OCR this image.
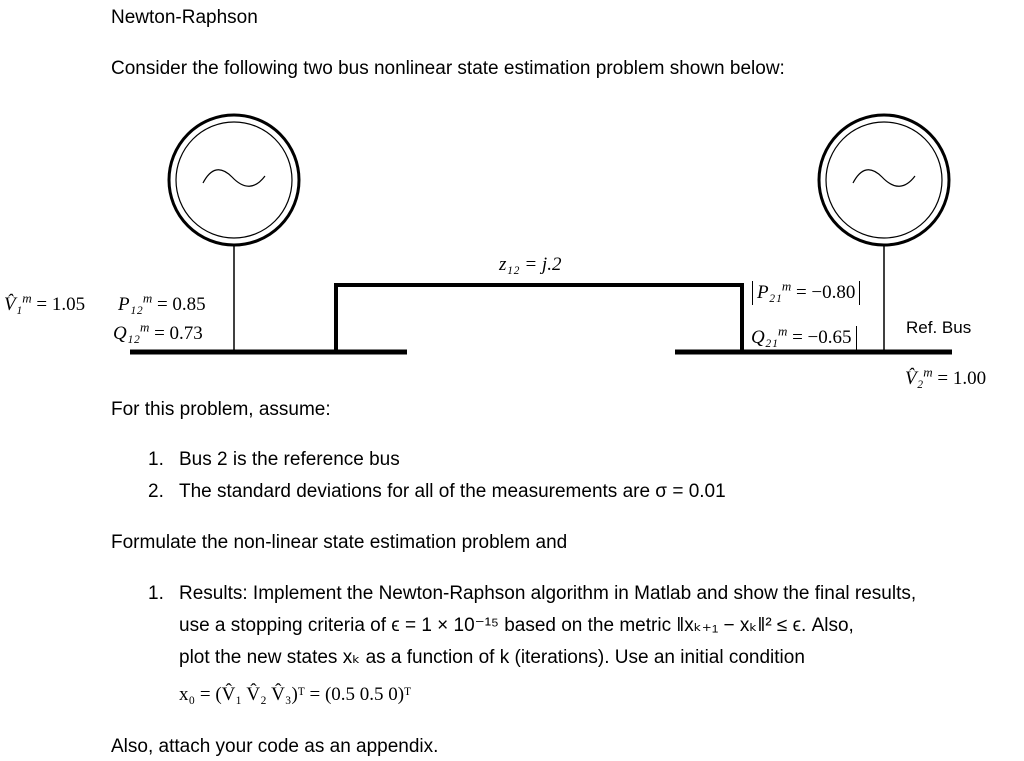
Newton-Raphson
Consider the following two bus nonlinear state estimation problem shown below:
z₁₂ = j.2
V̂₁$^m$ = 1.05 P₁₂$^m$ = 0.85
Q₁₂$^m$ = 0.73
P₂₁$^m$ = −0.80
Q₂₁$^m$ = −0.65	Ref. Bus
V̂₂$^m$ = 1.00
For this problem, assume:
1. Bus 2 is the reference bus
2. The standard deviations for all of the measurements are σ = 0.01
Formulate the non-linear state estimation problem and
1. Results: Implement the Newton-Raphson algorithm in Matlab and show the final results,
use a stopping criteria of ϵ = 1 × 10⁻¹⁵ based on the metric ‖xₖ₊₁ − xₖ‖² ≤ ϵ. Also,
plot the new states xₖ as a function of k (iterations). Use an initial condition
x₀ = (V̂₁ V̂₂ V̂₃)ᵀ = (0.5 0.5 0)ᵀ
Also, attach your code as an appendix.
